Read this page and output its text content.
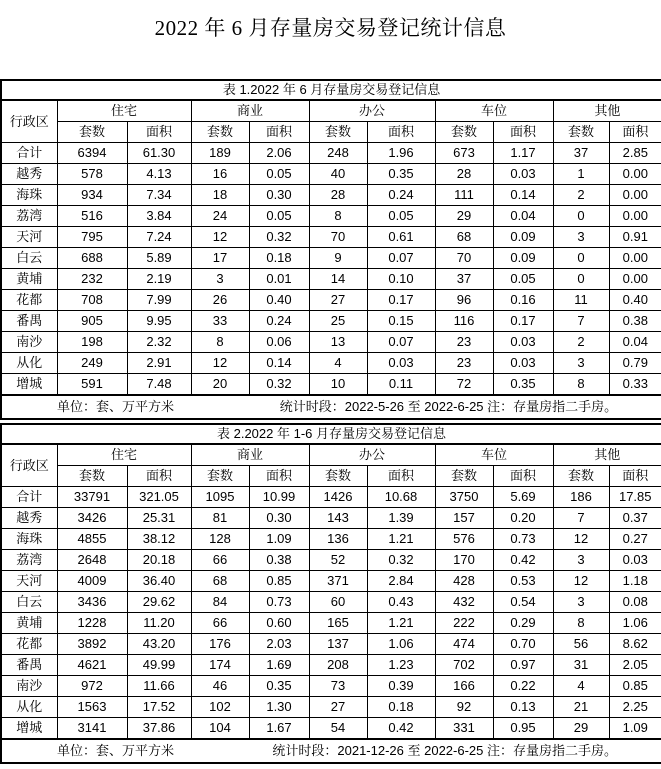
2022 年 6 月存量房交易登记统计信息
表 1.2022 年 6 月存量房交易登记信息										
行政区	住宅		商业		办公		车位		其他	
	套数	面积	套数	面积	套数	面积	套数	面积	套数	面积
合计	6394	61.30	189	2.06	248	1.96	673	1.17	37	2.85
越秀	578	4.13	16	0.05	40	0.35	28	0.03	1	0.00
海珠	934	7.34	18	0.30	28	0.24	111	0.14	2	0.00
荔湾	516	3.84	24	0.05	8	0.05	29	0.04	0	0.00
天河	795	7.24	12	0.32	70	0.61	68	0.09	3	0.91
白云	688	5.89	17	0.18	9	0.07	70	0.09	0	0.00
黄埔	232	2.19	3	0.01	14	0.10	37	0.05	0	0.00
花都	708	7.99	26	0.40	27	0.17	96	0.16	11	0.40
番禺	905	9.95	33	0.24	25	0.15	116	0.17	7	0.38
南沙	198	2.32	8	0.06	13	0.07	23	0.03	2	0.04
从化	249	2.91	12	0.14	4	0.03	23	0.03	3	0.79
增城	591	7.48	20	0.32	10	0.11	72	0.35	8	0.33

单位：套、万平方米 统计时段：2022-5-26 至 2022-6-25 注：存量房指二手房。										
表 2.2022 年 1-6 月存量房交易登记信息										
行政区	住宅		商业		办公		车位		其他	
	套数	面积	套数	面积	套数	面积	套数	面积	套数	面积
合计	33791	321.05	1095	10.99	1426	10.68	3750	5.69	186	17.85
越秀	3426	25.31	81	0.30	143	1.39	157	0.20	7	0.37
海珠	4855	38.12	128	1.09	136	1.21	576	0.73	12	0.27
荔湾	2648	20.18	66	0.38	52	0.32	170	0.42	3	0.03
天河	4009	36.40	68	0.85	371	2.84	428	0.53	12	1.18
白云	3436	29.62	84	0.73	60	0.43	432	0.54	3	0.08
黄埔	1228	11.20	66	0.60	165	1.21	222	0.29	8	1.06
花都	3892	43.20	176	2.03	137	1.06	474	0.70	56	8.62
番禺	4621	49.99	174	1.69	208	1.23	702	0.97	31	2.05
南沙	972	11.66	46	0.35	73	0.39	166	0.22	4	0.85
从化	1563	17.52	102	1.30	27	0.18	92	0.13	21	2.25
增城	3141	37.86	104	1.67	54	0.42	331	0.95	29	1.09

单位：套、万平方米 统计时段：2021-12-26 至 2022-6-25 注：存量房指二手房。										
